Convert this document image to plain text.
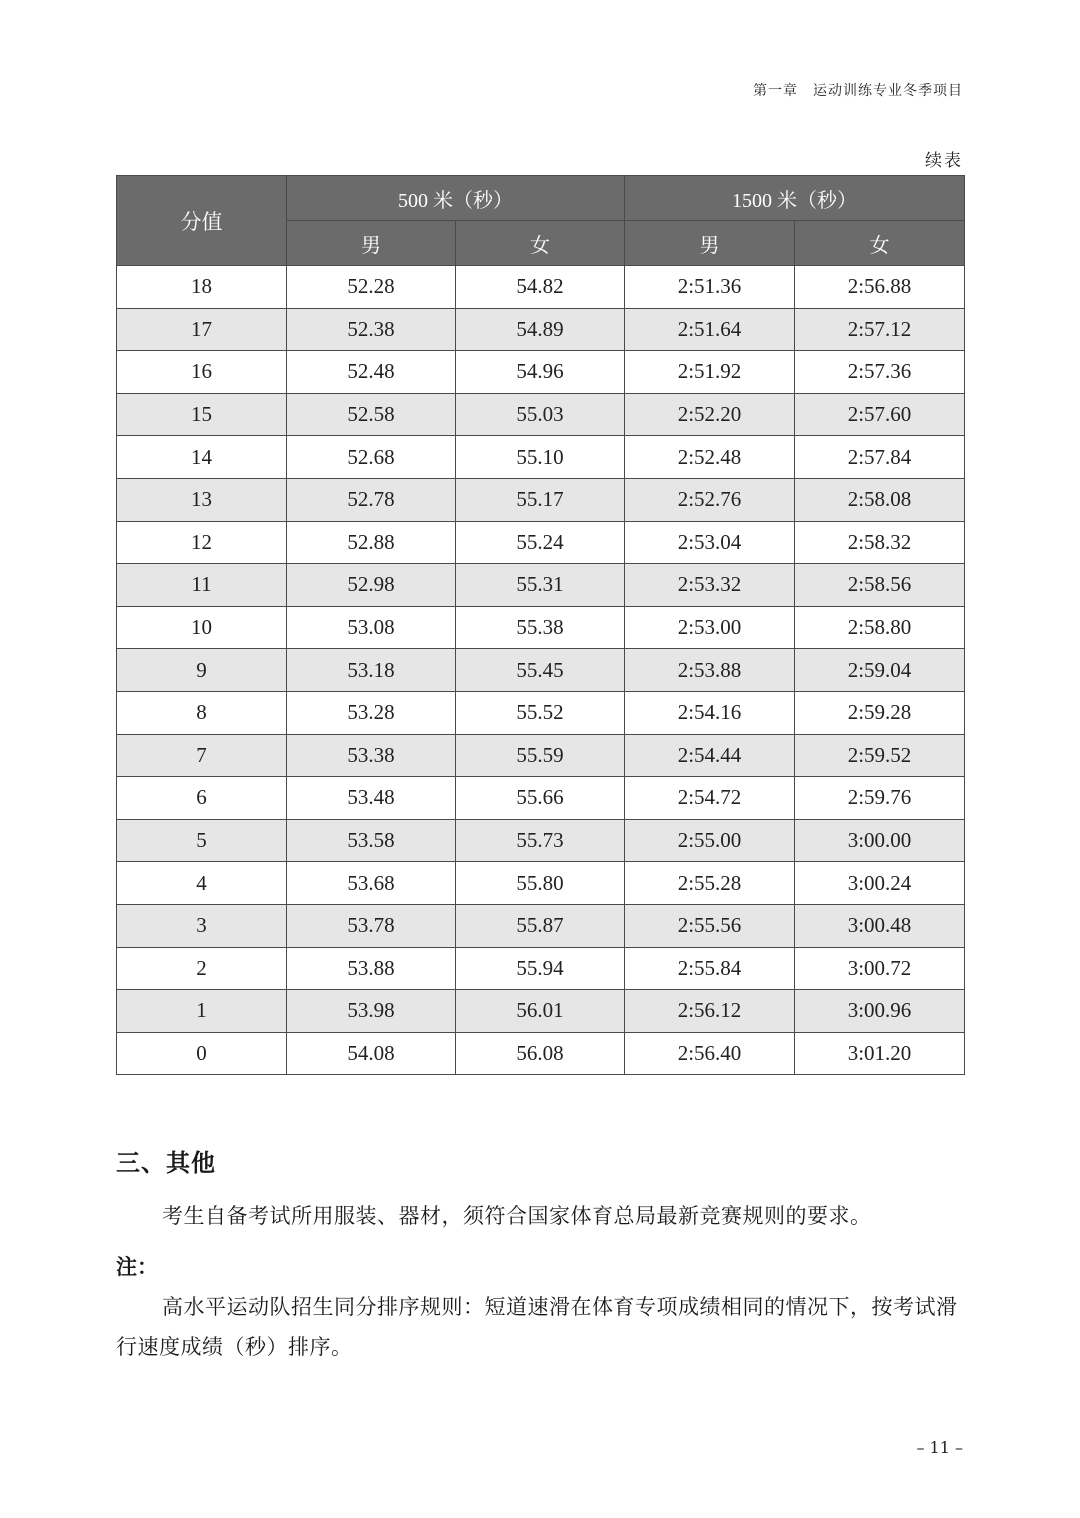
第一章　运动训练专业冬季项目
续表
分值	500 米（秒）		1500 米（秒）	
	男	女	男	女
18	52.28	54.82	2:51.36	2:56.88
17	52.38	54.89	2:51.64	2:57.12
16	52.48	54.96	2:51.92	2:57.36
15	52.58	55.03	2:52.20	2:57.60
14	52.68	55.10	2:52.48	2:57.84
13	52.78	55.17	2:52.76	2:58.08
12	52.88	55.24	2:53.04	2:58.32
11	52.98	55.31	2:53.32	2:58.56
10	53.08	55.38	2:53.00	2:58.80
9	53.18	55.45	2:53.88	2:59.04
8	53.28	55.52	2:54.16	2:59.28
7	53.38	55.59	2:54.44	2:59.52
6	53.48	55.66	2:54.72	2:59.76
5	53.58	55.73	2:55.00	3:00.00
4	53.68	55.80	2:55.28	3:00.24
3	53.78	55.87	2:55.56	3:00.48
2	53.88	55.94	2:55.84	3:00.72
1	53.98	56.01	2:56.12	3:00.96
0	54.08	56.08	2:56.40	3:01.20
三、其他
考生自备考试所用服装、器材，须符合国家体育总局最新竞赛规则的要求。
注：
高水平运动队招生同分排序规则：短道速滑在体育专项成绩相同的情况下，按考试滑行速度成绩（秒）排序。
– 11 –
